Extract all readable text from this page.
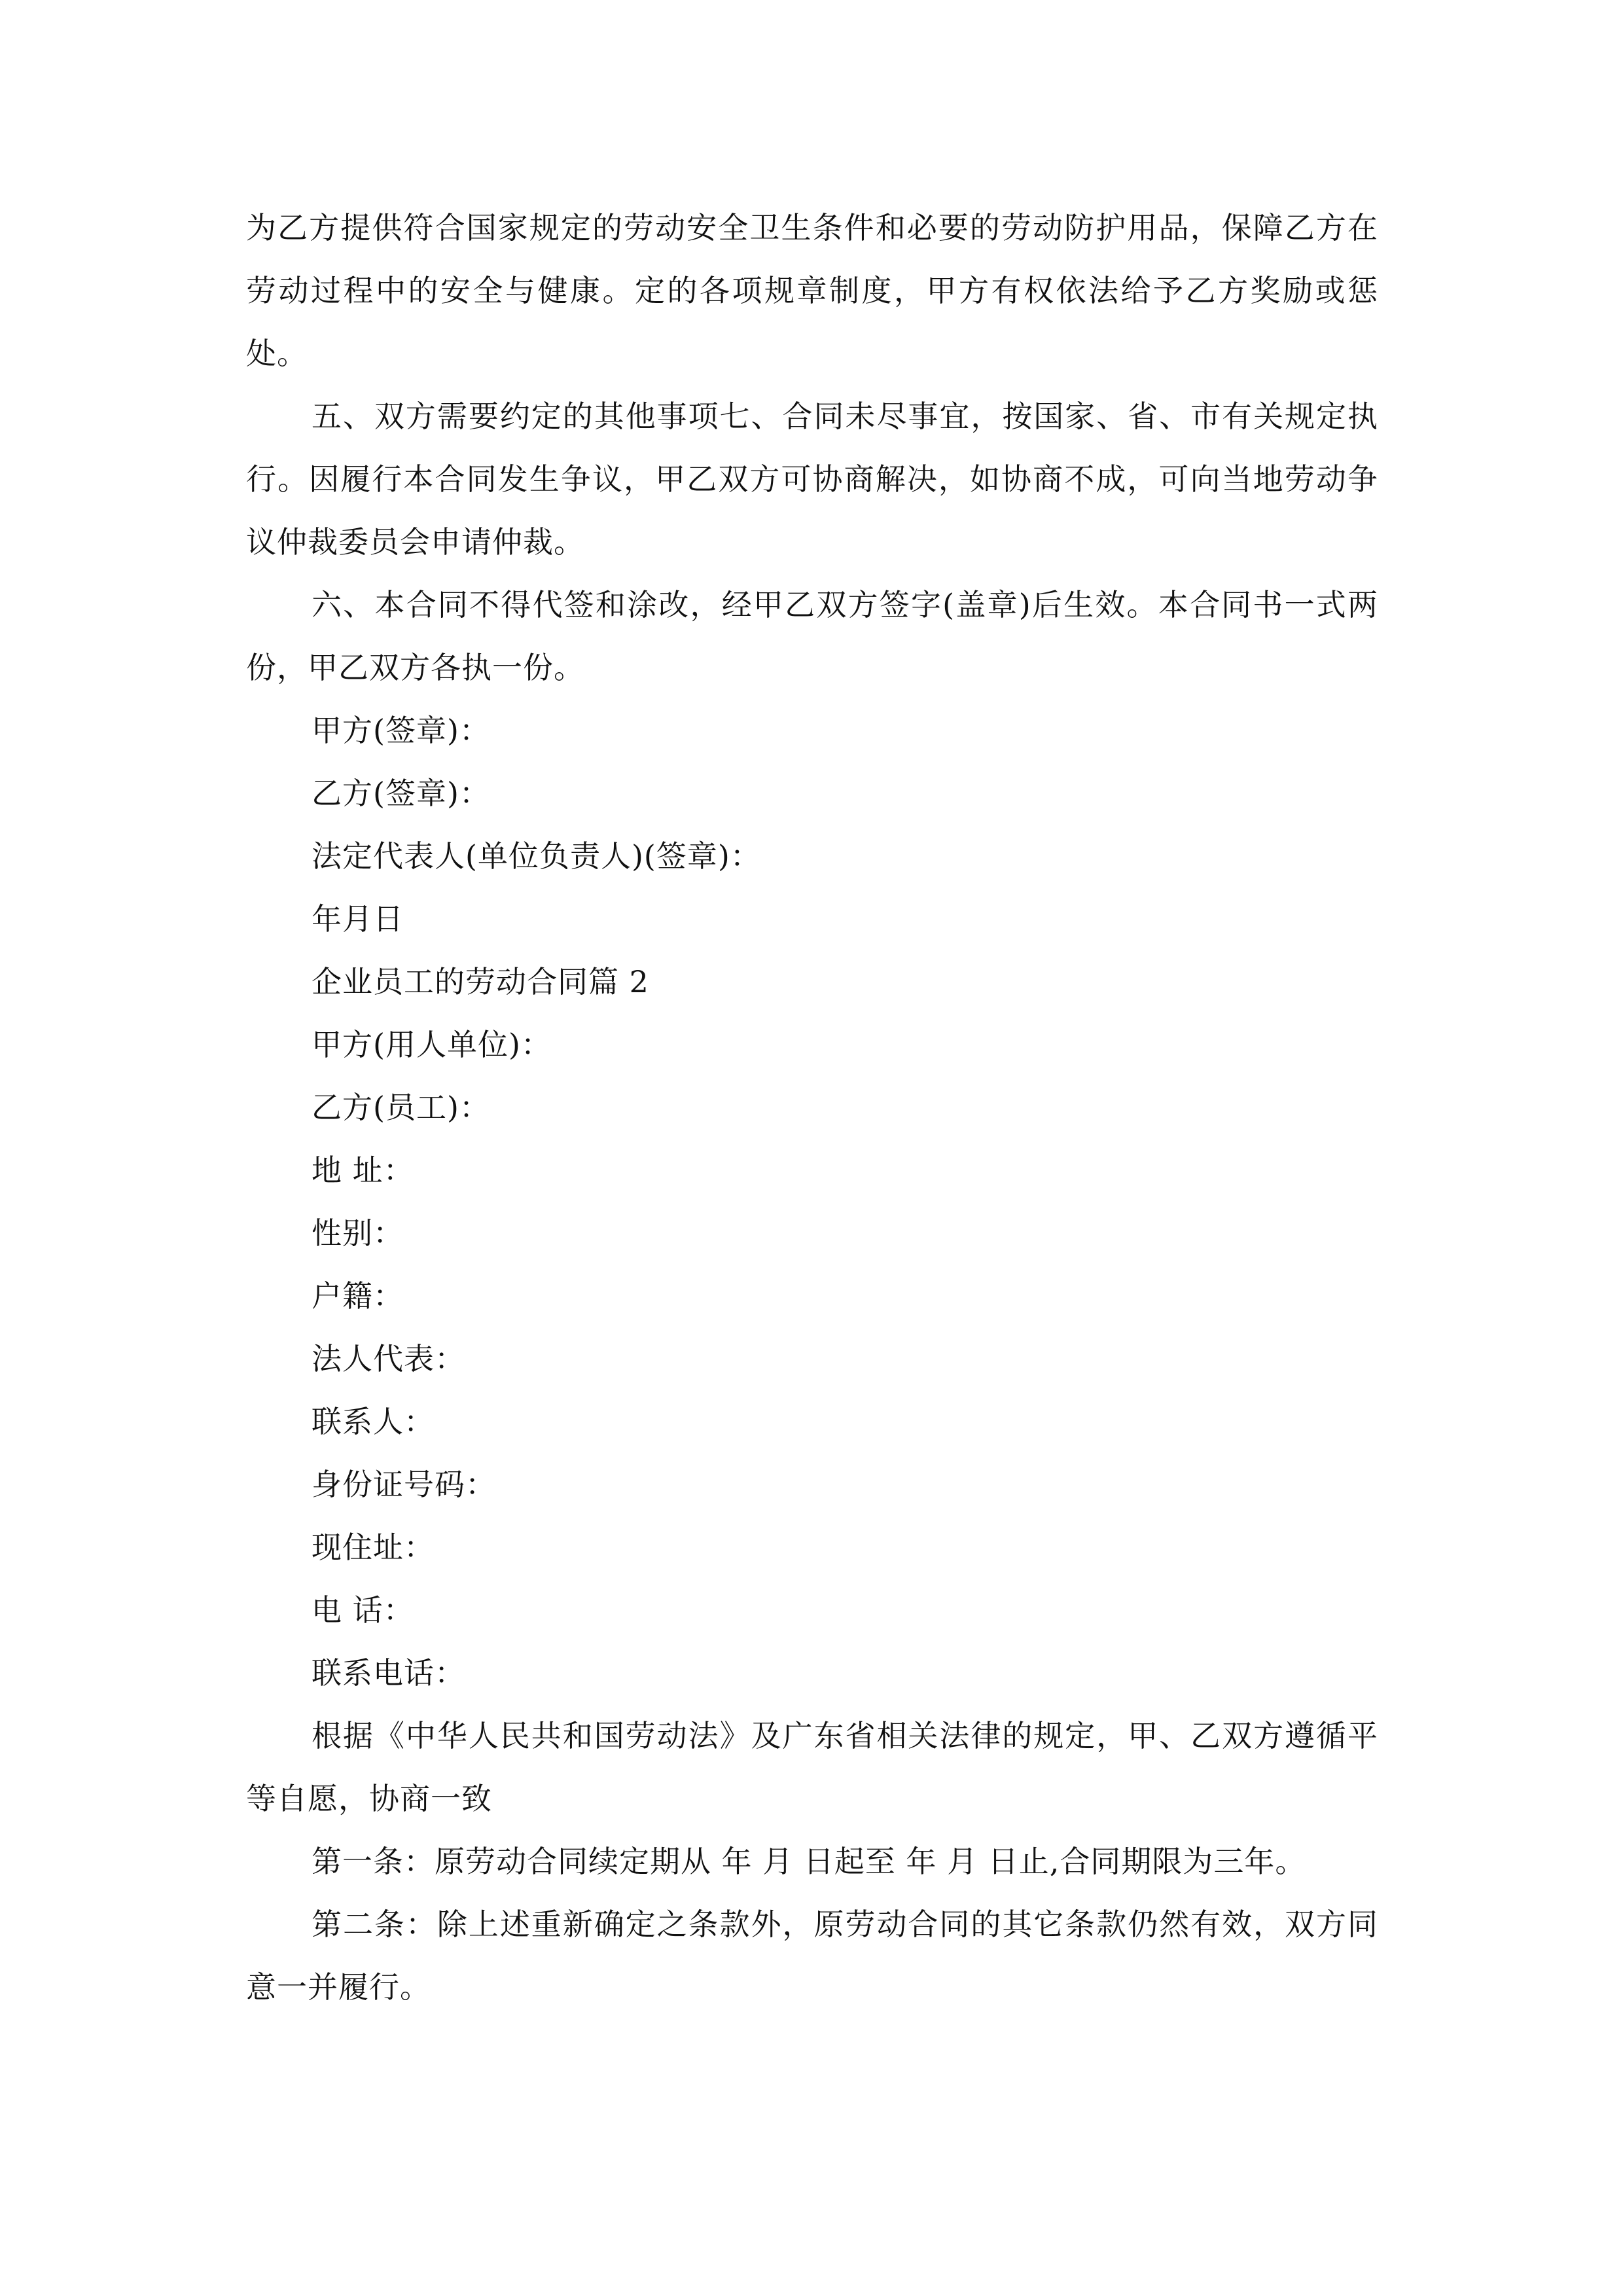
为乙方提供符合国家规定的劳动安全卫生条件和必要的劳动防护用品，保障乙方在劳动过程中的安全与健康。定的各项规章制度，甲方有权依法给予乙方奖励或惩处。

五、双方需要约定的其他事项七、合同未尽事宜，按国家、省、市有关规定执行。因履行本合同发生争议，甲乙双方可协商解决，如协商不成，可向当地劳动争议仲裁委员会申请仲裁。

六、本合同不得代签和涂改，经甲乙双方签字(盖章)后生效。本合同书一式两份，甲乙双方各执一份。

甲方(签章)：

乙方(签章)：

法定代表人(单位负责人)(签章)：

年月日

企业员工的劳动合同篇 2

甲方(用人单位)：

乙方(员工)：

地 址：

性别：

户籍：

法人代表：

联系人：

身份证号码：

现住址：

电 话：

联系电话：

根据《中华人民共和国劳动法》及广东省相关法律的规定，甲、乙双方遵循平等自愿，协商一致

第一条：原劳动合同续定期从 年 月 日起至 年 月 日止,合同期限为三年。

第二条：除上述重新确定之条款外，原劳动合同的其它条款仍然有效，双方同意一并履行。
